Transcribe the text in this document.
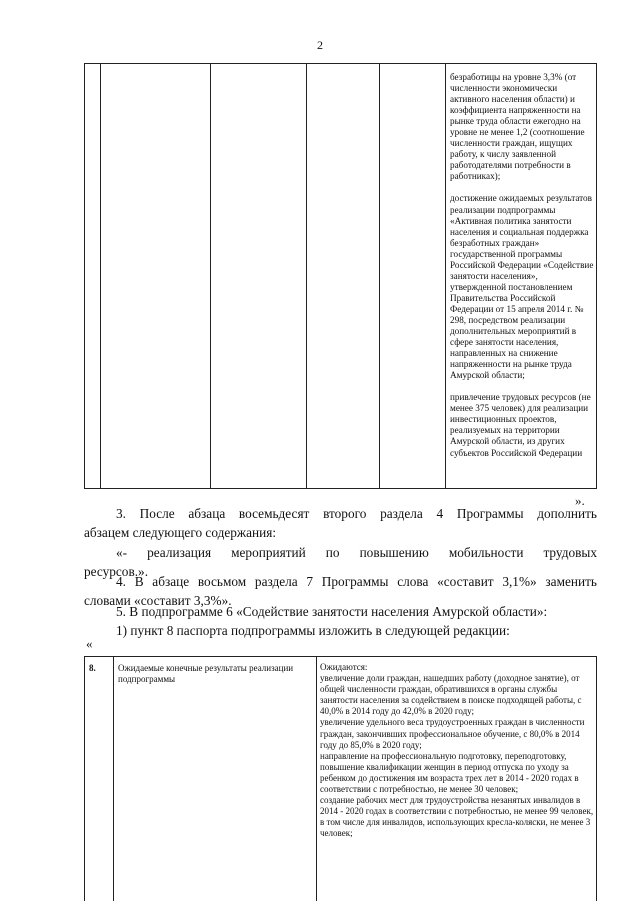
2

безработицы на уровне 3,3% (от численности экономически активного населения области) и коэффициента напряженности на рынке труда области ежегодно на уровне не менее 1,2 (соотношение численности граждан, ищущих работу, к числу заявленной работодателями потребности в работниках);

достижение ожидаемых результатов реализации подпрограммы «Активная политика занятости населения и социальная поддержка безработных граждан» государственной программы Российской Федерации «Содействие занятости населения», утвержденной постановлением Правительства Российской Федерации от 15 апреля 2014 г. № 298, посредством реализации дополнительных мероприятий в сфере занятости населения, направленных на снижение напряженности на рынке труда Амурской области;

привлечение трудовых ресурсов (не менее 375 человек) для реализации инвестиционных проектов, реализуемых на территории Амурской области, из других субъектов Российской Федерации

».
3. После абзаца восемьдесят второго раздела 4 Программы дополнить
абзацем следующего содержания:
«- реализация мероприятий по повышению мобильности трудовых
ресурсов.».
4. В абзаце восьмом раздела 7 Программы слова «составит 3,1%» заменить
словами «составит 3,3%».
5. В подпрограмме 6 «Содействие занятости населения Амурской области»:
1) пункт 8 паспорта подпрограммы изложить в следующей редакции:
«
8. Ожидаемые конечные результаты реализации подпрограммы
Ожидаются:
увеличение доли граждан, нашедших работу (доходное занятие), от общей численности граждан, обратившихся в органы службы занятости населения за содействием в поиске подходящей работы, с 40,0% в 2014 году до 42,0% в 2020 году;
увеличение удельного веса трудоустроенных граждан в численности граждан, закончивших профессиональное обучение, с 80,0% в 2014 году до 85,0% в 2020 году;
направление на профессиональную подготовку, переподготовку, повышение квалификации женщин в период отпуска по уходу за ребенком до достижения им возраста трех лет в 2014 - 2020 годах в соответствии с потребностью, не менее 30 человек;
создание рабочих мест для трудоустройства незанятых инвалидов в 2014 - 2020 годах в соответствии с потребностью, не менее 99 человек, в том числе для инвалидов, использующих кресла-коляски, не менее 3 человек;
